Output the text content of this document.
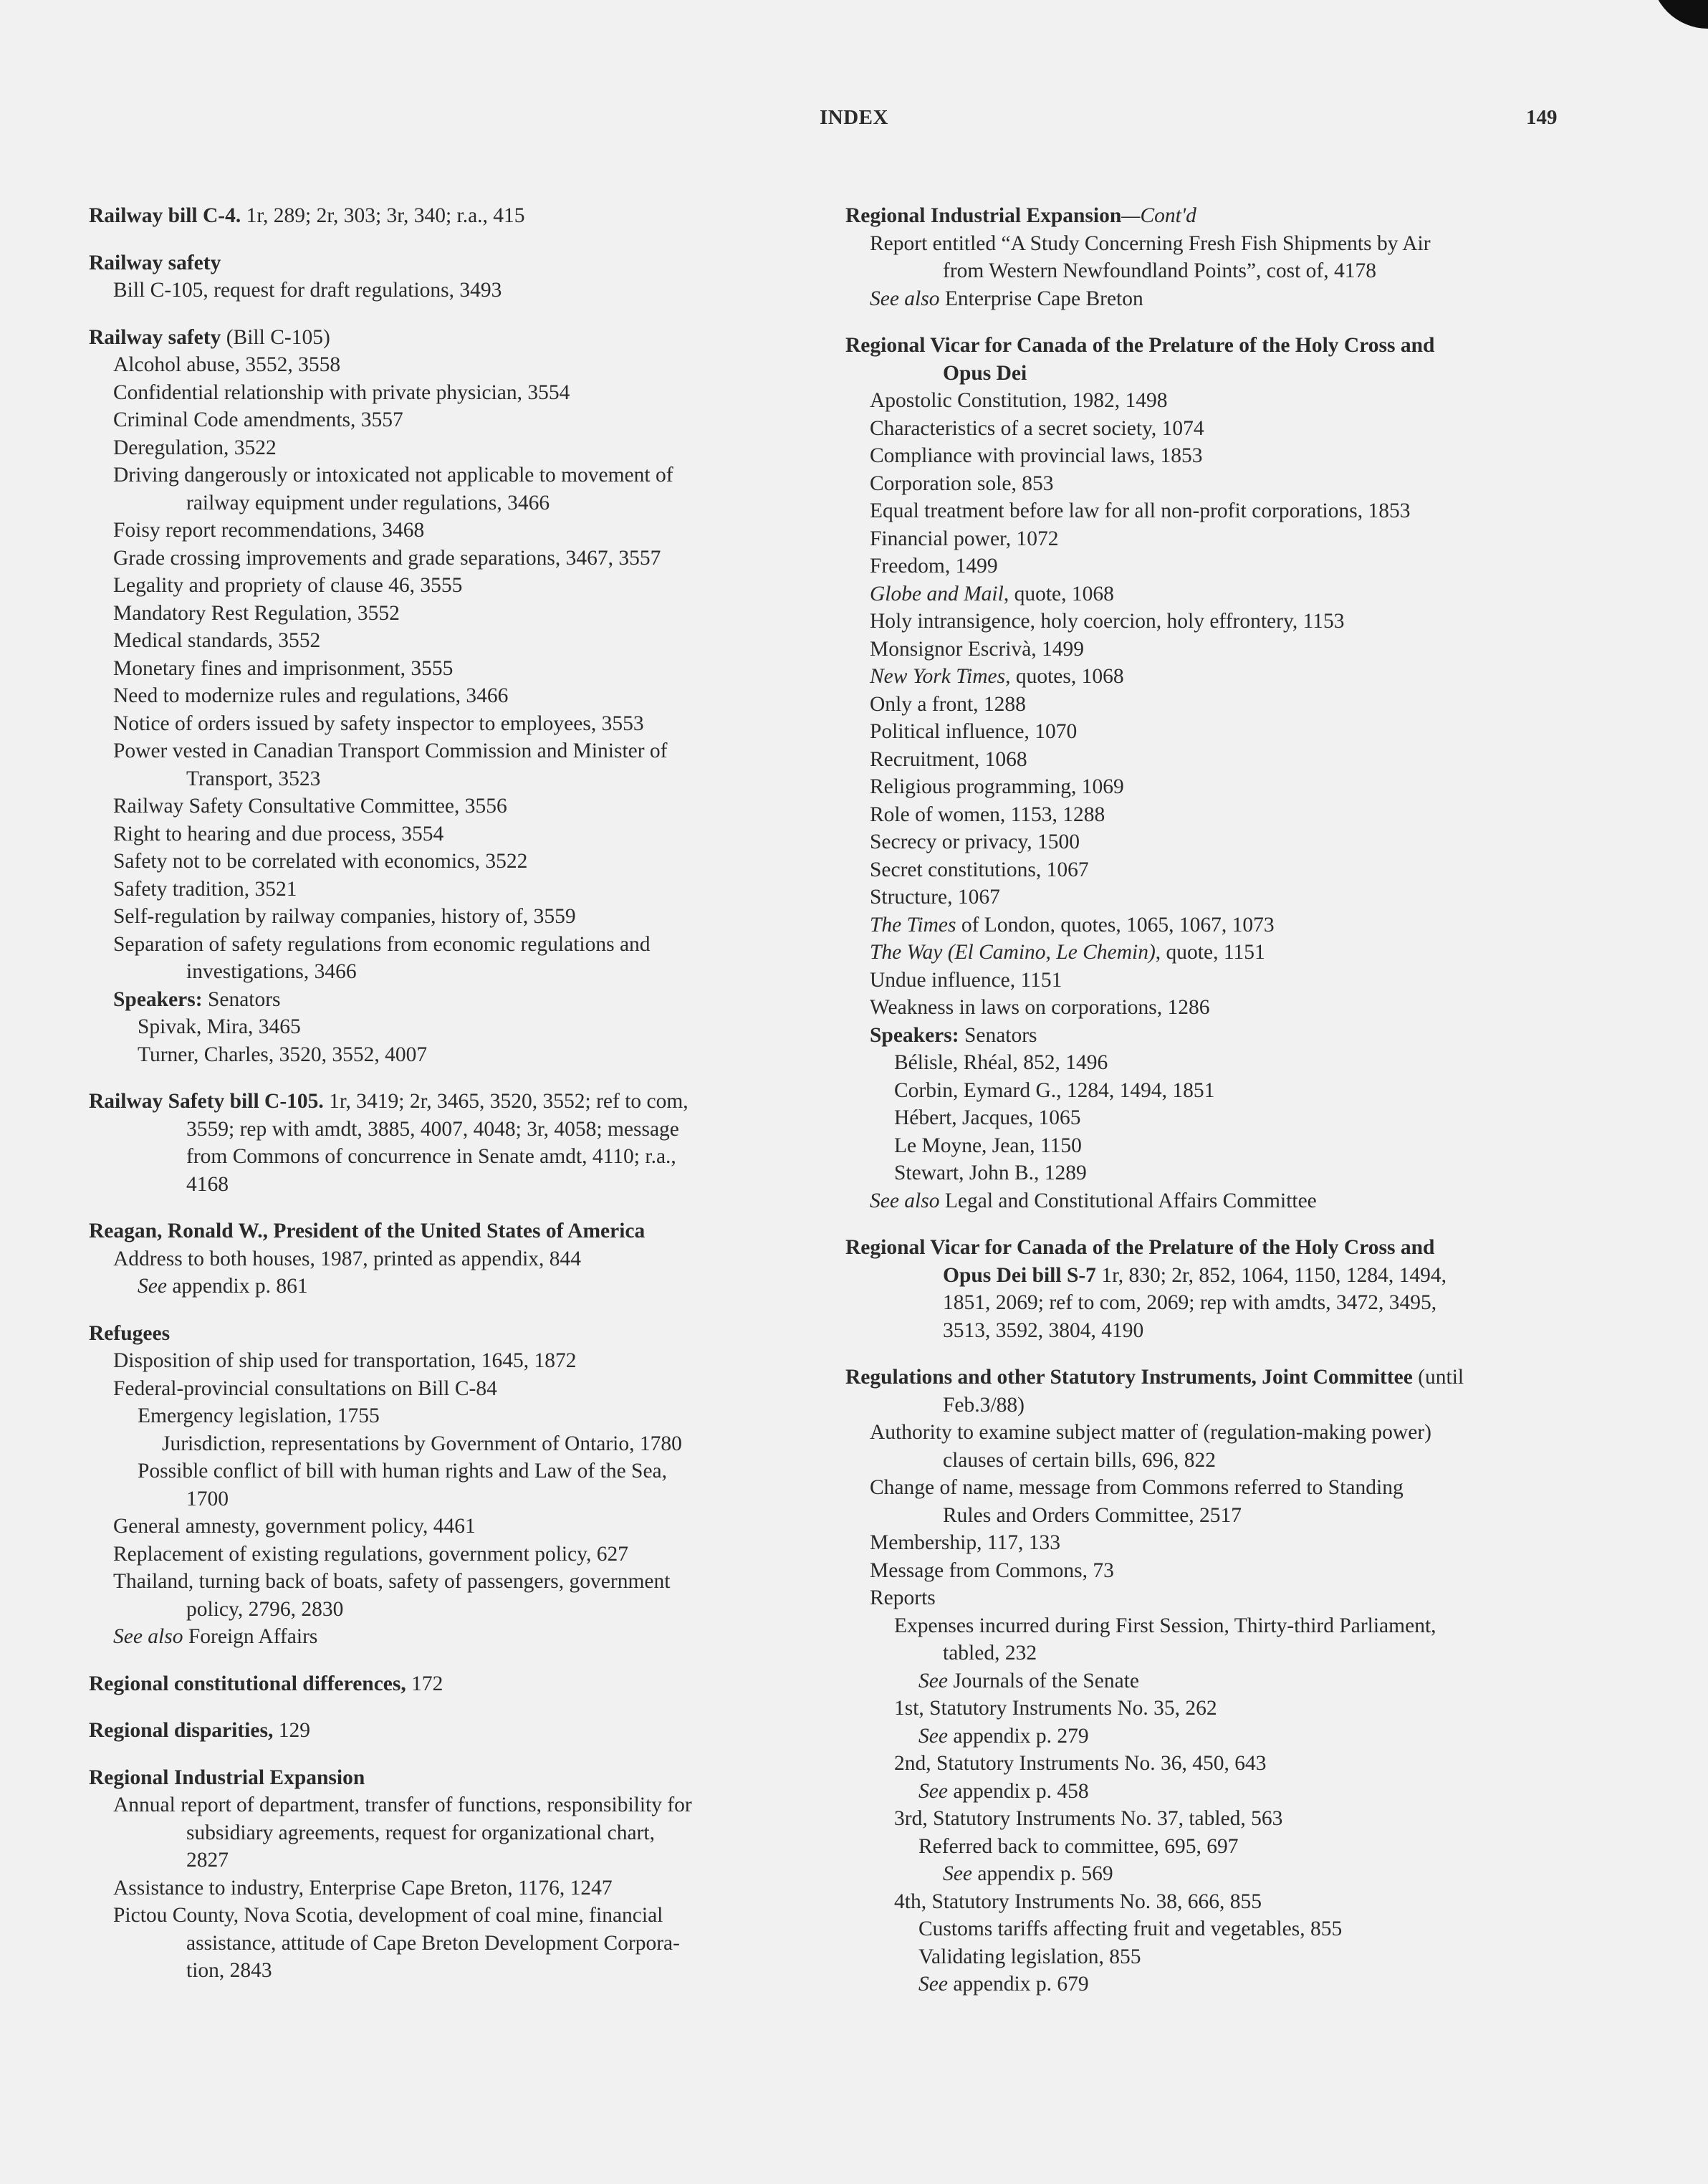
INDEX	149
Railway bill C-4. 1r, 289; 2r, 303; 3r, 340; r.a., 415
Railway safety
Bill C-105, request for draft regulations, 3493
Railway safety (Bill C-105)
Alcohol abuse, 3552, 3558
Confidential relationship with private physician, 3554
Criminal Code amendments, 3557
Deregulation, 3522
Driving dangerously or intoxicated not applicable to movement of
railway equipment under regulations, 3466
Foisy report recommendations, 3468
Grade crossing improvements and grade separations, 3467, 3557
Legality and propriety of clause 46, 3555
Mandatory Rest Regulation, 3552
Medical standards, 3552
Monetary fines and imprisonment, 3555
Need to modernize rules and regulations, 3466
Notice of orders issued by safety inspector to employees, 3553
Power vested in Canadian Transport Commission and Minister of
Transport, 3523
Railway Safety Consultative Committee, 3556
Right to hearing and due process, 3554
Safety not to be correlated with economics, 3522
Safety tradition, 3521
Self-regulation by railway companies, history of, 3559
Separation of safety regulations from economic regulations and
investigations, 3466
Speakers: Senators
Spivak, Mira, 3465
Turner, Charles, 3520, 3552, 4007
Railway Safety bill C-105. 1r, 3419; 2r, 3465, 3520, 3552; ref to com,
3559; rep with amdt, 3885, 4007, 4048; 3r, 4058; message
from Commons of concurrence in Senate amdt, 4110; r.a.,
4168
Reagan, Ronald W., President of the United States of America
Address to both houses, 1987, printed as appendix, 844
See appendix p. 861
Refugees
Disposition of ship used for transportation, 1645, 1872
Federal-provincial consultations on Bill C-84
Emergency legislation, 1755
Jurisdiction, representations by Government of Ontario, 1780
Possible conflict of bill with human rights and Law of the Sea,
1700
General amnesty, government policy, 4461
Replacement of existing regulations, government policy, 627
Thailand, turning back of boats, safety of passengers, government
policy, 2796, 2830
See also Foreign Affairs
Regional constitutional differences, 172
Regional disparities, 129
Regional Industrial Expansion
Annual report of department, transfer of functions, responsibility for
subsidiary agreements, request for organizational chart,
2827
Assistance to industry, Enterprise Cape Breton, 1176, 1247
Pictou County, Nova Scotia, development of coal mine, financial
assistance, attitude of Cape Breton Development Corpora-
tion, 2843
Regional Industrial Expansion—Cont'd
Report entitled “A Study Concerning Fresh Fish Shipments by Air
from Western Newfoundland Points”, cost of, 4178
See also Enterprise Cape Breton
Regional Vicar for Canada of the Prelature of the Holy Cross and
Opus Dei
Apostolic Constitution, 1982, 1498
Characteristics of a secret society, 1074
Compliance with provincial laws, 1853
Corporation sole, 853
Equal treatment before law for all non-profit corporations, 1853
Financial power, 1072
Freedom, 1499
Globe and Mail, quote, 1068
Holy intransigence, holy coercion, holy effrontery, 1153
Monsignor Escrivà, 1499
New York Times, quotes, 1068
Only a front, 1288
Political influence, 1070
Recruitment, 1068
Religious programming, 1069
Role of women, 1153, 1288
Secrecy or privacy, 1500
Secret constitutions, 1067
Structure, 1067
The Times of London, quotes, 1065, 1067, 1073
The Way (El Camino, Le Chemin), quote, 1151
Undue influence, 1151
Weakness in laws on corporations, 1286
Speakers: Senators
Bélisle, Rhéal, 852, 1496
Corbin, Eymard G., 1284, 1494, 1851
Hébert, Jacques, 1065
Le Moyne, Jean, 1150
Stewart, John B., 1289
See also Legal and Constitutional Affairs Committee
Regional Vicar for Canada of the Prelature of the Holy Cross and
Opus Dei bill S-7 1r, 830; 2r, 852, 1064, 1150, 1284, 1494,
1851, 2069; ref to com, 2069; rep with amdts, 3472, 3495,
3513, 3592, 3804, 4190
Regulations and other Statutory Instruments, Joint Committee (until
Feb.3/88)
Authority to examine subject matter of (regulation-making power)
clauses of certain bills, 696, 822
Change of name, message from Commons referred to Standing
Rules and Orders Committee, 2517
Membership, 117, 133
Message from Commons, 73
Reports
Expenses incurred during First Session, Thirty-third Parliament,
tabled, 232
See Journals of the Senate
1st, Statutory Instruments No. 35, 262
See appendix p. 279
2nd, Statutory Instruments No. 36, 450, 643
See appendix p. 458
3rd, Statutory Instruments No. 37, tabled, 563
Referred back to committee, 695, 697
See appendix p. 569
4th, Statutory Instruments No. 38, 666, 855
Customs tariffs affecting fruit and vegetables, 855
Validating legislation, 855
See appendix p. 679
